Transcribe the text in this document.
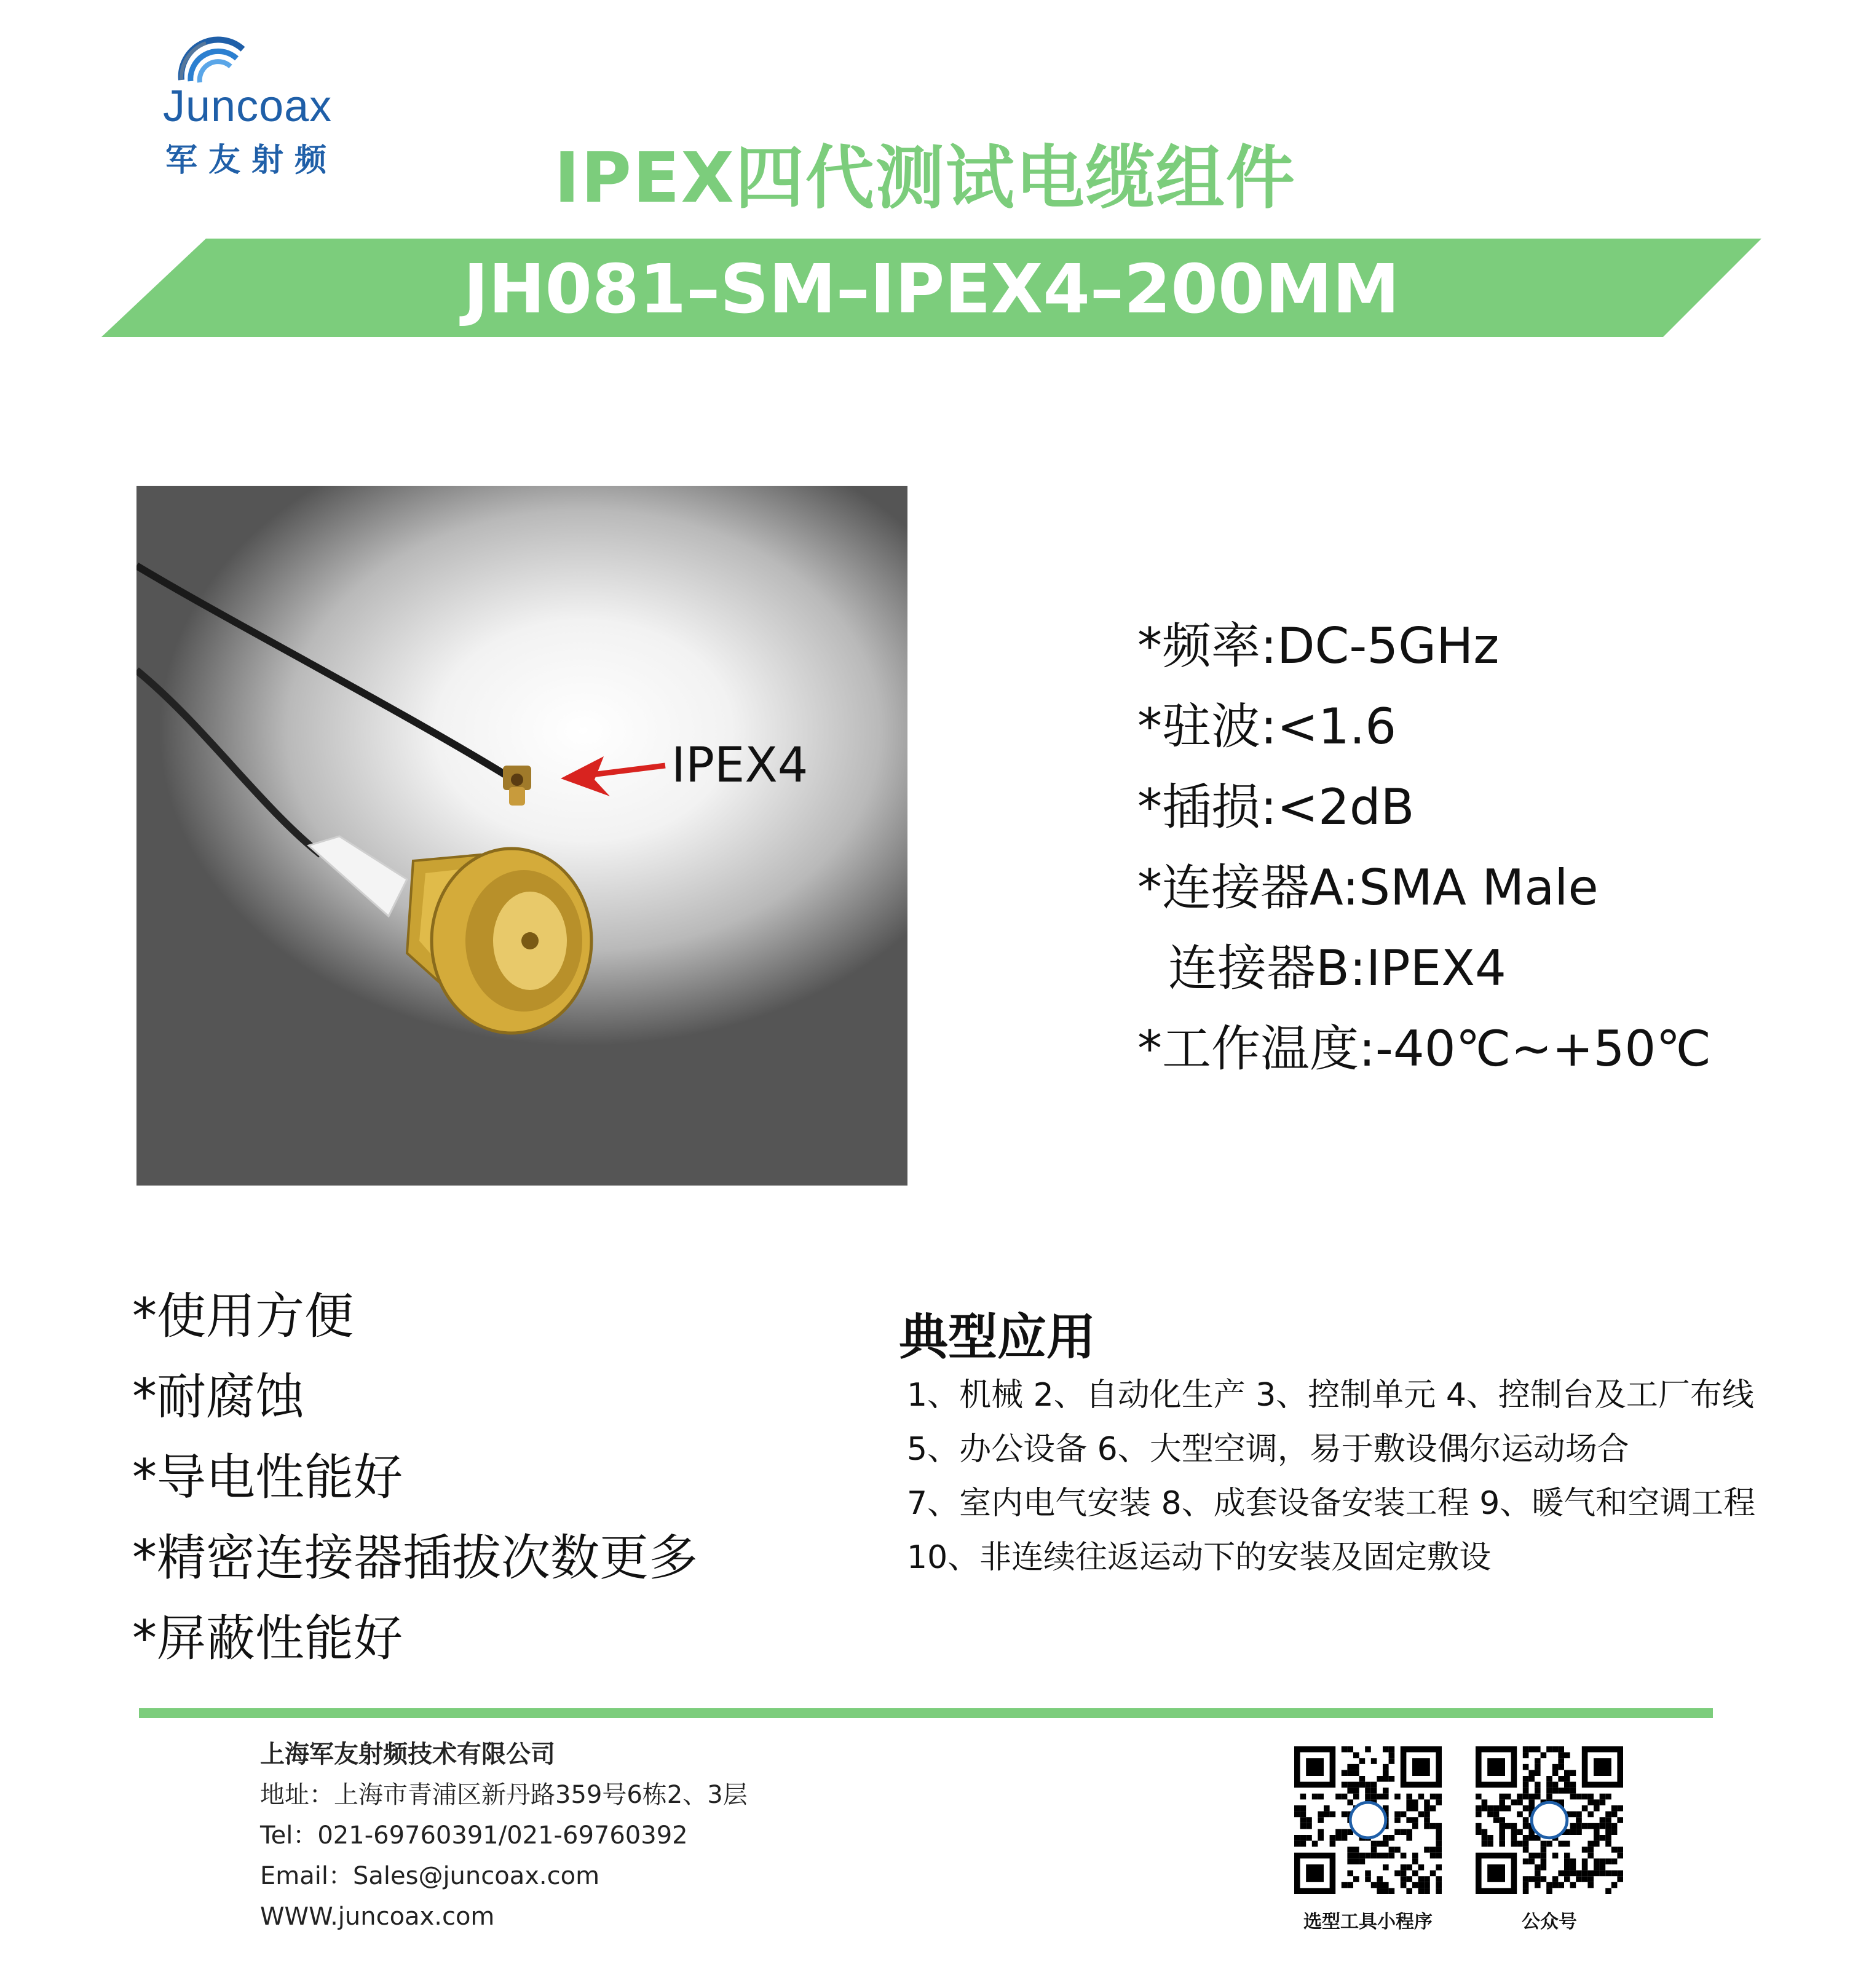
Juncoax
军友射频	IPEX四代测试电缆组件
JH081–SM–IPEX4–200MM
IPEX4
*频率:DC-5GHz
*驻波:<1.6
*插损:<2dB
*连接器A:SMA Male
连接器B:IPEX4
*工作温度:-40℃~+50℃
*使用方便
*耐腐蚀
*导电性能好
*精密连接器插拔次数更多
*屏蔽性能好
典型应用
1、机械 2、自动化生产 3、控制单元 4、控制台及工厂布线
5、办公设备 6、大型空调，易于敷设偶尔运动场合
7、室内电气安装 8、成套设备安装工程 9、暖气和空调工程
10、非连续往返运动下的安装及固定敷设
上海军友射频技术有限公司
地址：上海市青浦区新丹路359号6栋2、3层
Tel：021-69760391/021-69760392
Email：Sales@juncoax.com
WWW.juncoax.com	选型工具小程序	公众号
